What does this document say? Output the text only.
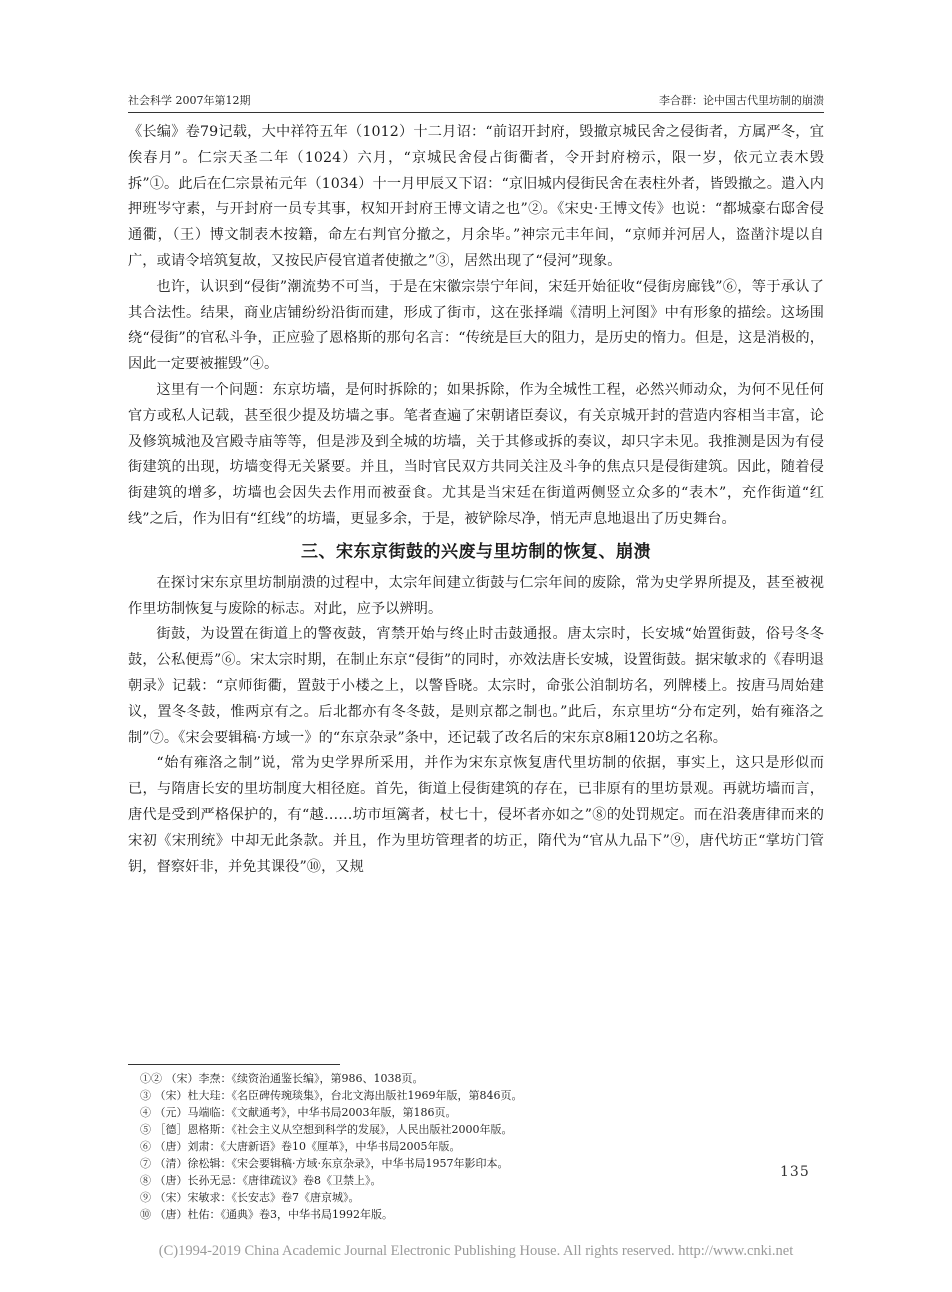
社会科学 2007年第12期	李合群：论中国古代里坊制的崩溃

《长编》卷79记载，大中祥符五年（1012）十二月诏：“前诏开封府，毁撤京城民舍之侵街者，方属严冬，宜俟春月”。仁宗天圣二年（1024）六月，“京城民舍侵占街衢者，令开封府榜示，限一岁，依元立表木毁拆”①。此后在仁宗景祐元年（1034）十一月甲辰又下诏：“京旧城内侵街民舍在表柱外者，皆毁撤之。遣入内押班岑守素，与开封府一员专其事，权知开封府王博文请之也”②。《宋史·王博文传》也说：“都城豪右邸舍侵通衢，（王）博文制表木按籍，命左右判官分撤之，月余毕。”神宗元丰年间，“京师并河居人，盗凿汴堤以自广，或请令培筑复故，又按民庐侵官道者使撤之”③，居然出现了“侵河”现象。

也许，认识到“侵街”潮流势不可当，于是在宋徽宗崇宁年间，宋廷开始征收“侵街房廊钱”⑥，等于承认了其合法性。结果，商业店铺纷纷沿街而建，形成了街市，这在张择端《清明上河图》中有形象的描绘。这场围绕“侵街”的官私斗争，正应验了恩格斯的那句名言：“传统是巨大的阻力，是历史的惰力。但是，这是消极的，因此一定要被摧毁”④。

这里有一个问题：东京坊墙，是何时拆除的；如果拆除，作为全城性工程，必然兴师动众，为何不见任何官方或私人记载，甚至很少提及坊墙之事。笔者查遍了宋朝诸臣奏议，有关京城开封的营造内容相当丰富，论及修筑城池及宫殿寺庙等等，但是涉及到全城的坊墙，关于其修或拆的奏议，却只字未见。我推测是因为有侵街建筑的出现，坊墙变得无关紧要。并且，当时官民双方共同关注及斗争的焦点只是侵街建筑。因此，随着侵街建筑的增多，坊墙也会因失去作用而被蚕食。尤其是当宋廷在街道两侧竖立众多的“表木”，充作街道“红线”之后，作为旧有“红线”的坊墙，更显多余，于是，被铲除尽净，悄无声息地退出了历史舞台。

三、宋东京街鼓的兴废与里坊制的恢复、崩溃

在探讨宋东京里坊制崩溃的过程中，太宗年间建立街鼓与仁宗年间的废除，常为史学界所提及，甚至被视作里坊制恢复与废除的标志。对此，应予以辨明。

街鼓，为设置在街道上的警夜鼓，宵禁开始与终止时击鼓通报。唐太宗时，长安城“始置街鼓，俗号冬冬鼓，公私便焉”⑥。宋太宗时期，在制止东京“侵街”的同时，亦效法唐长安城，设置街鼓。据宋敏求的《春明退朝录》记载：“京师街衢，置鼓于小楼之上，以警昏晓。太宗时，命张公洎制坊名，列牌楼上。按唐马周始建议，置冬冬鼓，惟两京有之。后北都亦有冬冬鼓，是则京都之制也。”此后，东京里坊“分布定列，始有雍洛之制”⑦。《宋会要辑稿·方域一》的“东京杂录”条中，还记载了改名后的宋东京8厢120坊之名称。

“始有雍洛之制”说，常为史学界所采用，并作为宋东京恢复唐代里坊制的依据，事实上，这只是形似而已，与隋唐长安的里坊制度大相径庭。首先，街道上侵街建筑的存在，已非原有的里坊景观。再就坊墙而言，唐代是受到严格保护的，有“越……坊市垣篱者，杖七十，侵坏者亦如之”⑧的处罚规定。而在沿袭唐律而来的宋初《宋刑统》中却无此条款。并且，作为里坊管理者的坊正，隋代为“官从九品下”⑨，唐代坊正“掌坊门管钥，督察奸非，并免其课役”⑩，又规

①② （宋）李焘：《续资治通鉴长编》，第986、1038页。

③ （宋）杜大珪：《名臣碑传琬琰集》，台北文海出版社1969年版，第846页。

④ （元）马端临：《文献通考》，中华书局2003年版，第186页。

⑤ ［德］恩格斯：《社会主义从空想到科学的发展》，人民出版社2000年版。

⑥ （唐）刘肃：《大唐新语》卷10《厘革》，中华书局2005年版。

⑦ （清）徐松辑：《宋会要辑稿·方域·东京杂录》，中华书局1957年影印本。

⑧ （唐）长孙无忌：《唐律疏议》卷8《卫禁上》。

⑨ （宋）宋敏求：《长安志》卷7《唐京城》。

⑩ （唐）杜佑：《通典》卷3，中华书局1992年版。

135
(C)1994-2019 China Academic Journal Electronic Publishing House. All rights reserved. http://www.cnki.net
